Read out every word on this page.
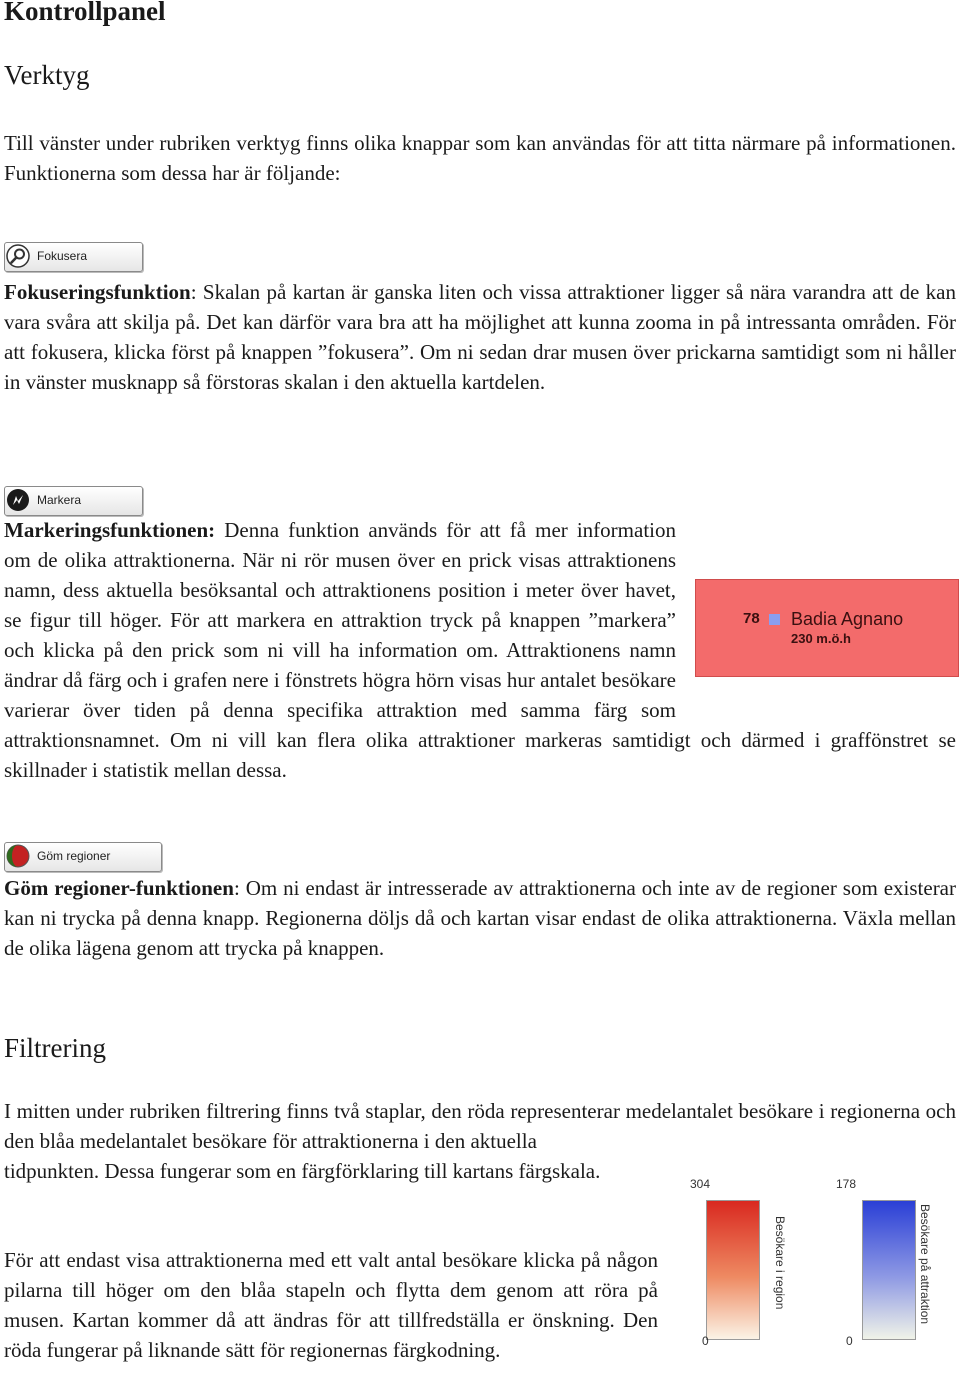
Kontrollpanel
Verktyg
Till vänster under rubriken verktyg finns olika knappar som kan användas för att titta närmare på informationen. Funktionerna som dessa har är följande:
Fokusera
Fokuseringsfunktion: Skalan på kartan är ganska liten och vissa attraktioner ligger så nära varandra att de kan vara svåra att skilja på. Det kan därför vara bra att ha möjlighet att kunna zooma in på intressanta områden. För att fokusera, klicka först på knappen ”fokusera”. Om ni sedan drar musen över prickarna samtidigt som ni håller in vänster musknapp så förstoras skalan i den aktuella kartdelen.
Markera
Markeringsfunktionen: Denna funktion används för att få mer information om de olika attraktionerna. När ni rör musen över en prick visas attraktionens namn, dess aktuella besöksantal och attraktionens position i meter över havet, se figur till höger. För att markera en attraktion tryck på knappen ”markera” och klicka på den prick som ni vill ha information om. Attraktionens namn ändrar då färg och i grafen nere i fönstrets högra hörn visas hur antalet besökare varierar över tiden på denna specifika attraktion med samma färg som attraktionsnamnet. Om ni vill kan flera olika attraktioner markeras samtidigt och därmed i graffönstret se skillnader i statistik mellan dessa.
78 Badia Agnano
230 m.ö.h
Göm regioner
Göm regioner-funktionen: Om ni endast är intresserade av attraktionerna och inte av de regioner som existerar kan ni trycka på denna knapp. Regionerna döljs då och kartan visar endast de olika attraktionerna. Växla mellan de olika lägena genom att trycka på knappen.
Filtrering
I mitten under rubriken filtrering finns två staplar, den röda representerar medelantalet besökare i regionerna och den blåa medelantalet besökare för attraktionerna i den aktuella
tidpunkten. Dessa fungerar som en färgförklaring till kartans färgskala.
För att endast visa attraktionerna med ett valt antal besökare klicka på någon pilarna till höger om den blåa stapeln och flytta dem genom att röra på musen. Kartan kommer då att ändras för att tillfredställa er önskning. Den röda fungerar på liknande sätt för regionernas färgkodning.
304
0
Besökare i region
178
0
Besökare på attraktion
